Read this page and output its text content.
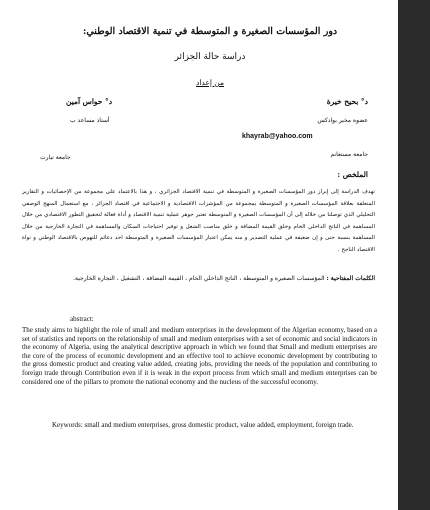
دور المؤسسات الصغيرة و المتوسطة في تنمية الاقتصاد الوطني:
دراسة حالة الجزائر
من إعداد
د° بحيح خيرة
عضوة مخبر بوادكس
khayrab@yahoo.com
جامعة مستغانم
د° حواس آمين
أستاذ مساعد ب
جامعة تيارت
الملخص :
تهدف الدراسة إلى إبراز دور المؤسسات الصغيرة و المتوسطة في تنمية الاقتصاد الجزائري ، و هذا بالاعتماد على مجموعة من الإحصائيات و التقارير المتعلقة بعلاقة المؤسسات الصغيرة و المتوسطة بمجموعة من المؤشرات الاقتصادية و الاجتماعية في اقتصاد الجزائر ، مع استعمال المنهج الوصفي التحليلي الذي توصلنا من خلاله إلى أن المؤسسات الصغيرة و المتوسطة تعتبر جوهر عملية تنمية الاقتصاد و أداة فعالة لتحقيق التطور الاقتصادي من خلال المساهمة في الناتج الداخلي الخام وخلق القيمة المضافة و خلق مناصب الشغل و توفير احتياجات السكان والمساهمة في التجارة الخارجية من خلال المساهمة بنسبة حتى و إن ضعيفة في عملية التصدير و منه يمكن اعتبار المؤسسات الصغيرة و المتوسطة احد دعائم للنهوض بالاقتصاد الوطني و نواة الاقتصاد الناجح .
الكلمات المفتاحية : المؤسسات الصغيرة و المتوسطة ، الناتج الداخلي الخام ، القيمة المضافة ، التشغيل ، التجارة الخارجية.
abstract:
The study aims to highlight the role of small and medium enterprises in the development of the Algerian economy, based on a set of statistics and reports on the relationship of small and medium enterprises with a set of economic and social indicators in the economy of Algeria, using the analytical descriptive approach in which we found that Small and medium enterprises are the core of the process of economic development and an effective tool to achieve economic development by contributing to the gross domestic product and creating value added, creating jobs, providing the needs of the population and contributing to foreign trade through Contribution even if it is weak in the export process from which small and medium enterprises can be considered one of the pillars to promote the national economy and the nucleus of the successful economy.
Keywords: small and medium enterprises, gross domestic product, value added, employment, foreign trade.
